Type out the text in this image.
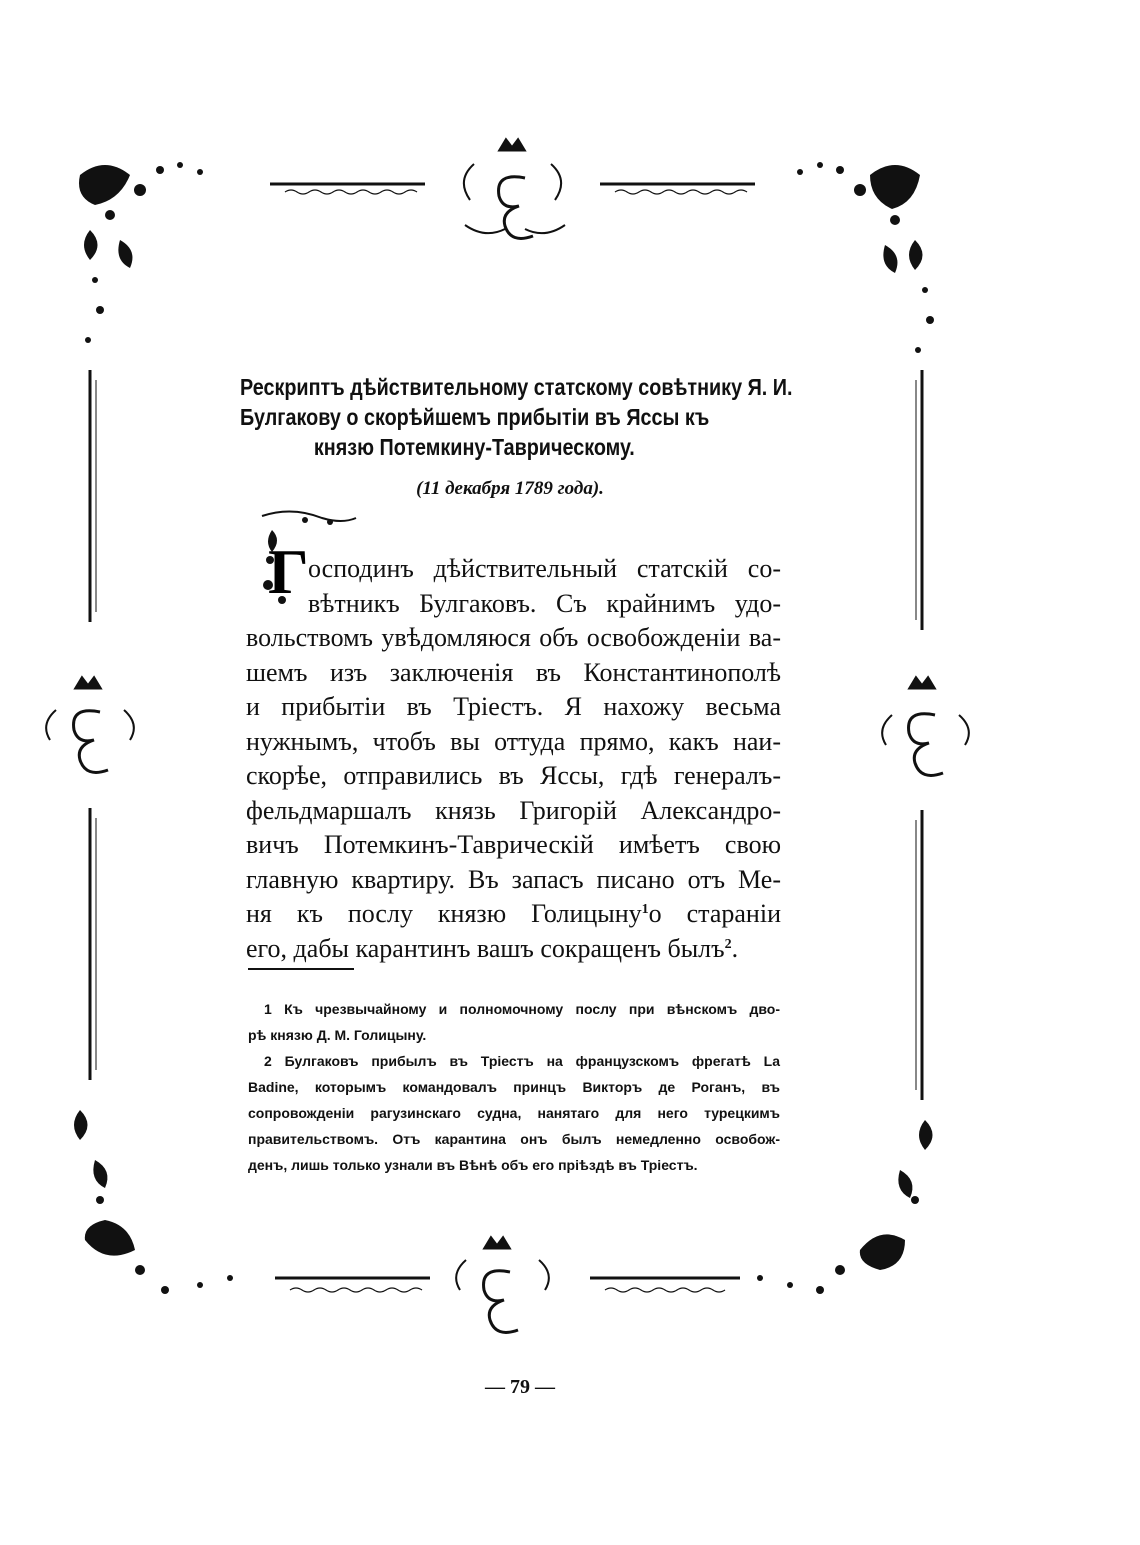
Рескриптъ дѣйствительному статскому совѣтнику Я. И.
Булгакову о скорѣйшемъ прибытіи въ Яссы къ
князю Потемкину-Таврическому.
(11 декабря 1789 года).
Г осподинъ дѣйствительный статскій со-
вѣтникъ Булгаковъ. Съ крайнимъ удо-
вольствомъ увѣдомляюся объ освобожденіи ва-
шемъ изъ заключенія въ Константинополѣ
и прибытіи въ Тріестъ. Я нахожу весьма
нужнымъ, чтобъ вы оттуда прямо, какъ наи-
скорѣе, отправились въ Яссы, гдѣ генералъ-
фельдмаршалъ князь Григорій Александро-
вичъ Потемкинъ-Таврическій имѣетъ свою
главную квартиру. Въ запасъ писано отъ Ме-
ня къ послу князю Голицыну$^1$о стараніи
его, дабы карантинъ вашъ сокращенъ былъ$^2$.
1 Къ чрезвычайному и полномочному послу при вѣнскомъ дво-
рѣ князю Д. М. Голицыну.
2 Булгаковъ прибылъ въ Тріестъ на французскомъ фрегатѣ La
Badine, которымъ командовалъ принцъ Викторъ де Роганъ, въ
сопровожденіи рагузинскаго судна, нанятаго для него турецкимъ
правительствомъ. Отъ карантина онъ былъ немедленно освобож-
денъ, лишь только узнали въ Вѣнѣ объ его пріѣздѣ въ Тріестъ.
— 79 —
